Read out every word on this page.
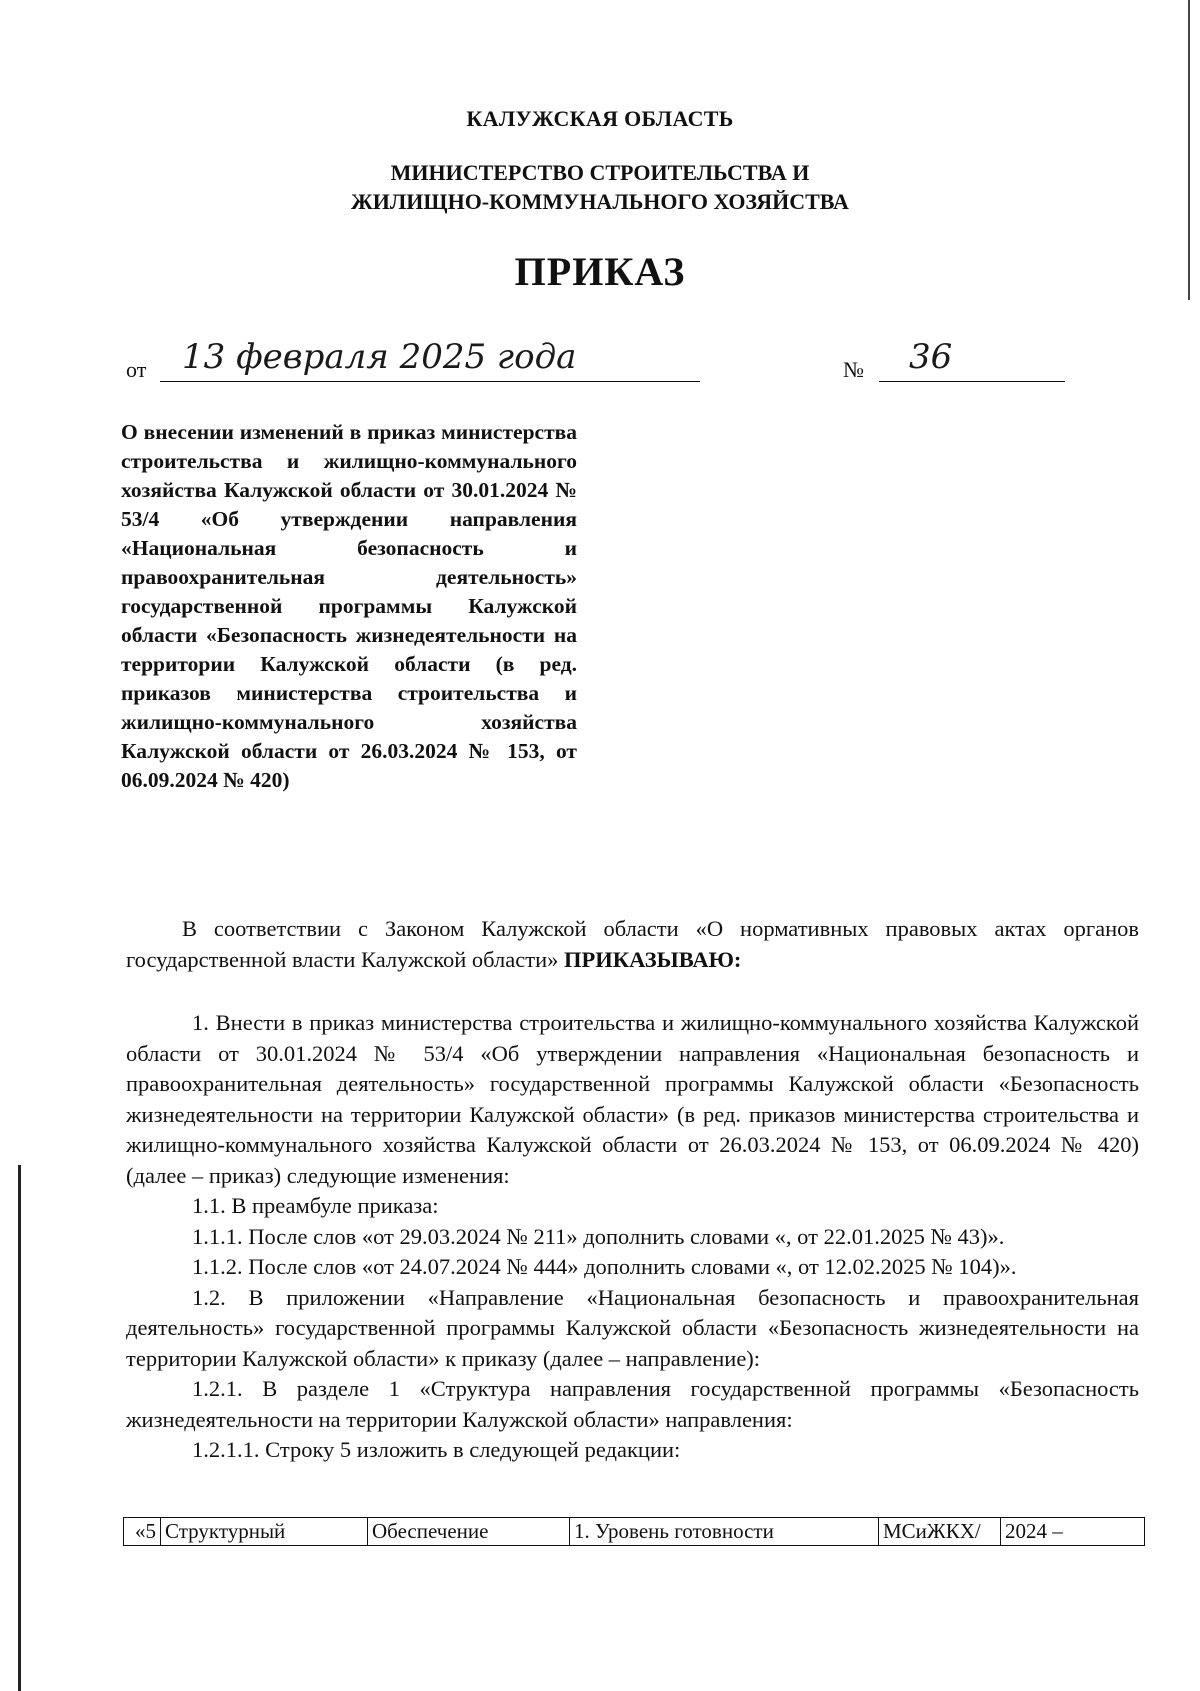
КАЛУЖСКАЯ ОБЛАСТЬ
МИНИСТЕРСТВО СТРОИТЕЛЬСТВА И
ЖИЛИЩНО-КОММУНАЛЬНОГО ХОЗЯЙСТВА
ПРИКАЗ
от 13 февраля 2025 года	№ 36
О внесении изменений в приказ министерства строительства и жилищно-коммунального хозяйства Калужской области от 30.01.2024 № 53/4 «Об утверждении направления «Национальная безопасность и правоохранительная деятельность» государственной программы Калужской области «Безопасность жизнедеятельности на территории Калужской области (в ред. приказов министерства строительства и жилищно-коммунального хозяйства Калужской области от 26.03.2024 № 153, от 06.09.2024 № 420)

В соответствии с Законом Калужской области «О нормативных правовых актах органов государственной власти Калужской области» ПРИКАЗЫВАЮ:

1. Внести в приказ министерства строительства и жилищно-коммунального хозяйства Калужской области от 30.01.2024 № 53/4 «Об утверждении направления «Национальная безопасность и правоохранительная деятельность» государственной программы Калужской области «Безопасность жизнедеятельности на территории Калужской области» (в ред. приказов министерства строительства и жилищно-коммунального хозяйства Калужской области от 26.03.2024 № 153, от 06.09.2024 № 420) (далее – приказ) следующие изменения:

1.1. В преамбуле приказа:

1.1.1. После слов «от 29.03.2024 № 211» дополнить словами «, от 22.01.2025 № 43)».

1.1.2. После слов «от 24.07.2024 № 444» дополнить словами «, от 12.02.2025 № 104)».

1.2. В приложении «Направление «Национальная безопасность и правоохранительная деятельность» государственной программы Калужской области «Безопасность жизнедеятельности на территории Калужской области» к приказу (далее – направление):

1.2.1. В разделе 1 «Структура направления государственной программы «Безопасность жизнедеятельности на территории Калужской области» направления:

1.2.1.1. Строку 5 изложить в следующей редакции:

«5	Структурный	Обеспечение	1. Уровень готовности	МСиЖКХ/	2024 –
